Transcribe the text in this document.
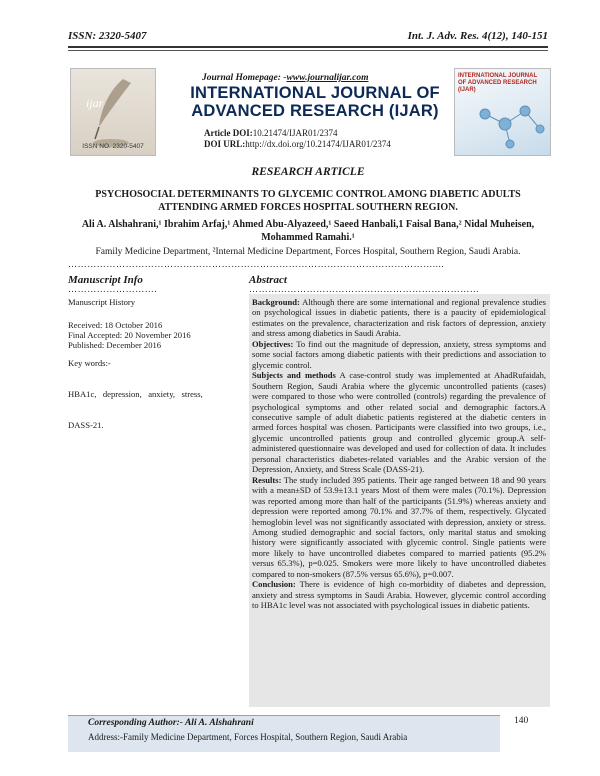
ISSN: 2320-5407	Int. J. Adv. Res. 4(12), 140-151
ijar
ISSN NO. 2320-5407
Journal Homepage: -www.journalijar.com
INTERNATIONAL JOURNAL OF
ADVANCED RESEARCH (IJAR)
Article DOI:10.21474/IJAR01/2374
DOI URL:http://dx.doi.org/10.21474/IJAR01/2374
INTERNATIONAL JOURNAL OF ADVANCED RESEARCH (IJAR)
RESEARCH ARTICLE
PSYCHOSOCIAL DETERMINANTS TO GLYCEMIC CONTROL AMONG DIABETIC ADULTS
ATTENDING ARMED FORCES HOSPITAL SOUTHERN REGION.
Ali A. Alshahrani,¹ Ibrahim Arfaj,¹ Ahmed Abu-Alyazeed,¹ Saeed Hanbali,1 Faisal Bana,² Nidal Muheisen,
Mohammed Ramahi.¹
Family Medicine Department, ²Internal Medicine Department, Forces Hospital, Southern Region, Saudi Arabia.
……………………………………………………………………………………………………....
Manuscript Info	Abstract
……………………….	………………………………………………………………
Manuscript History
Received: 18 October 2016
Final Accepted: 20 November 2016
Published: December 2016
Key words:-

HBA1c,   depression,   anxiety,   stress,

DASS-21.

Background: Although there are some international and regional prevalence studies on psychological issues in diabetic patients, there is a paucity of epidemiological estimates on the prevalence, characterization and risk factors of depression, anxiety and stress among diabetics in Saudi Arabia.

Objectives: To find out the magnitude of depression, anxiety, stress symptoms and some social factors among diabetic patients with their predictions and association to glycemic control.

Subjects and methods A case-control study was implemented at AhadRufaidah, Southern Region, Saudi Arabia where the glycemic uncontrolled patients (cases) were compared to those who were controlled (controls) regarding the prevalence of psychological symptoms and other related social and demographic factors.A consecutive sample of adult diabetic patients registered at the diabetic centers in armed forces hospital was chosen. Participants were classified into two groups, i.e., glycemic uncontrolled patients group and controlled glycemic group.A self-administered questionnaire was developed and used for collection of data. It includes personal characteristics diabetes-related variables and the Arabic version of the Depression, Anxiety, and Stress Scale (DASS-21).

Results: The study included 395 patients. Their age ranged between 18 and 90 years with a mean±SD of 53.9±13.1 years Most of them were males (70.1%). Depression was reported among more than half of the participants (51.9%) whereas anxiety and depression were reported among 70.1% and 37.7% of them, respectively. Glycated hemoglobin level was not significantly associated with depression, anxiety or stress. Among studied demographic and social factors, only marital status and smoking history were significantly associated with glycemic control. Single patients were more likely to have uncontrolled diabetes compared to married patients (95.2% versus 65.3%), p=0.025. Smokers were more likely to have uncontrolled diabetes compared to non-smokers (87.5% versus 65.6%), p=0.007.

Conclusion: There is evidence of high co-morbidity of diabetes and depression, anxiety and stress symptoms in Saudi Arabia. However, glycemic control according to HBA1c level was not associated with psychological issues in diabetic patients.

Corresponding Author:- Ali A. Alshahrani
Address:-Family Medicine Department, Forces Hospital, Southern Region, Saudi Arabia
140
